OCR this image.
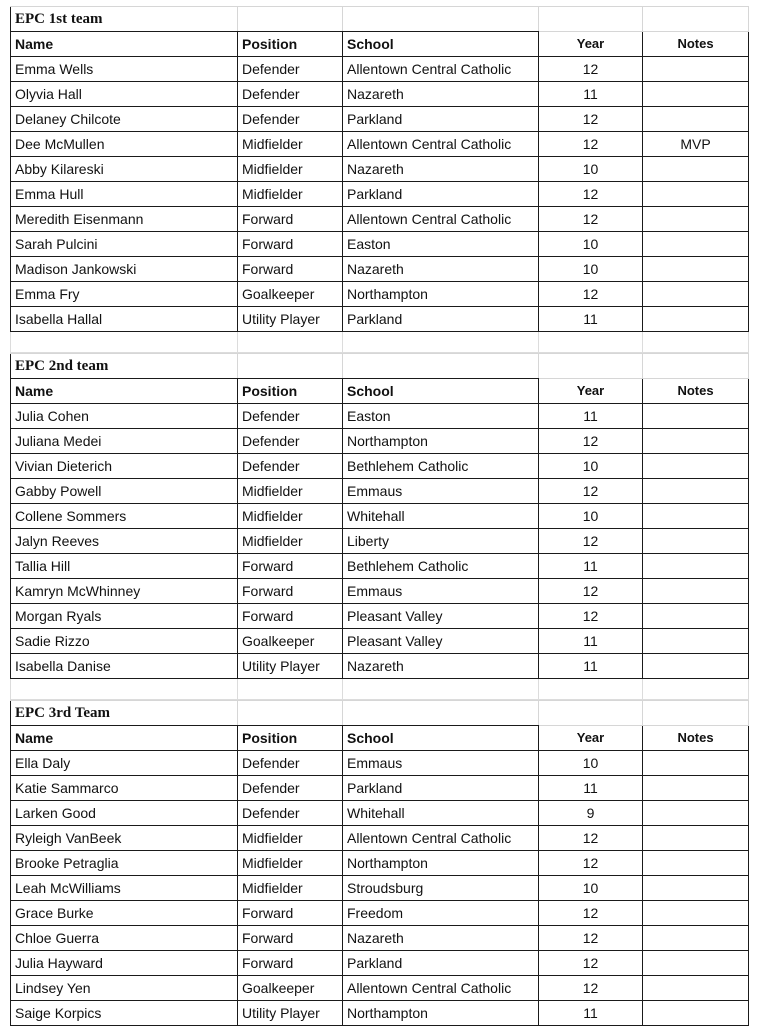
EPC 1st team				
Name	Position	School	Year	Notes
Emma Wells	Defender	Allentown Central Catholic	12	
Olyvia Hall	Defender	Nazareth	11	
Delaney Chilcote	Defender	Parkland	12	
Dee McMullen	Midfielder	Allentown Central Catholic	12	MVP
Abby Kilareski	Midfielder	Nazareth	10	
Emma Hull	Midfielder	Parkland	12	
Meredith Eisenmann	Forward	Allentown Central Catholic	12	
Sarah Pulcini	Forward	Easton	10	
Madison Jankowski	Forward	Nazareth	10	
Emma Fry	Goalkeeper	Northampton	12	
Isabella Hallal	Utility Player	Parkland	11	

EPC 2nd team				
Name	Position	School	Year	Notes
Julia Cohen	Defender	Easton	11	
Juliana Medei	Defender	Northampton	12	
Vivian Dieterich	Defender	Bethlehem Catholic	10	
Gabby Powell	Midfielder	Emmaus	12	
Collene Sommers	Midfielder	Whitehall	10	
Jalyn Reeves	Midfielder	Liberty	12	
Tallia Hill	Forward	Bethlehem Catholic	11	
Kamryn McWhinney	Forward	Emmaus	12	
Morgan Ryals	Forward	Pleasant Valley	12	
Sadie Rizzo	Goalkeeper	Pleasant Valley	11	
Isabella Danise	Utility Player	Nazareth	11	

EPC 3rd Team				
Name	Position	School	Year	Notes
Ella Daly	Defender	Emmaus	10	
Katie Sammarco	Defender	Parkland	11	
Larken Good	Defender	Whitehall	9	
Ryleigh VanBeek	Midfielder	Allentown Central Catholic	12	
Brooke Petraglia	Midfielder	Northampton	12	
Leah McWilliams	Midfielder	Stroudsburg	10	
Grace Burke	Forward	Freedom	12	
Chloe Guerra	Forward	Nazareth	12	
Julia Hayward	Forward	Parkland	12	
Lindsey Yen	Goalkeeper	Allentown Central Catholic	12	
Saige Korpics	Utility Player	Northampton	11	
